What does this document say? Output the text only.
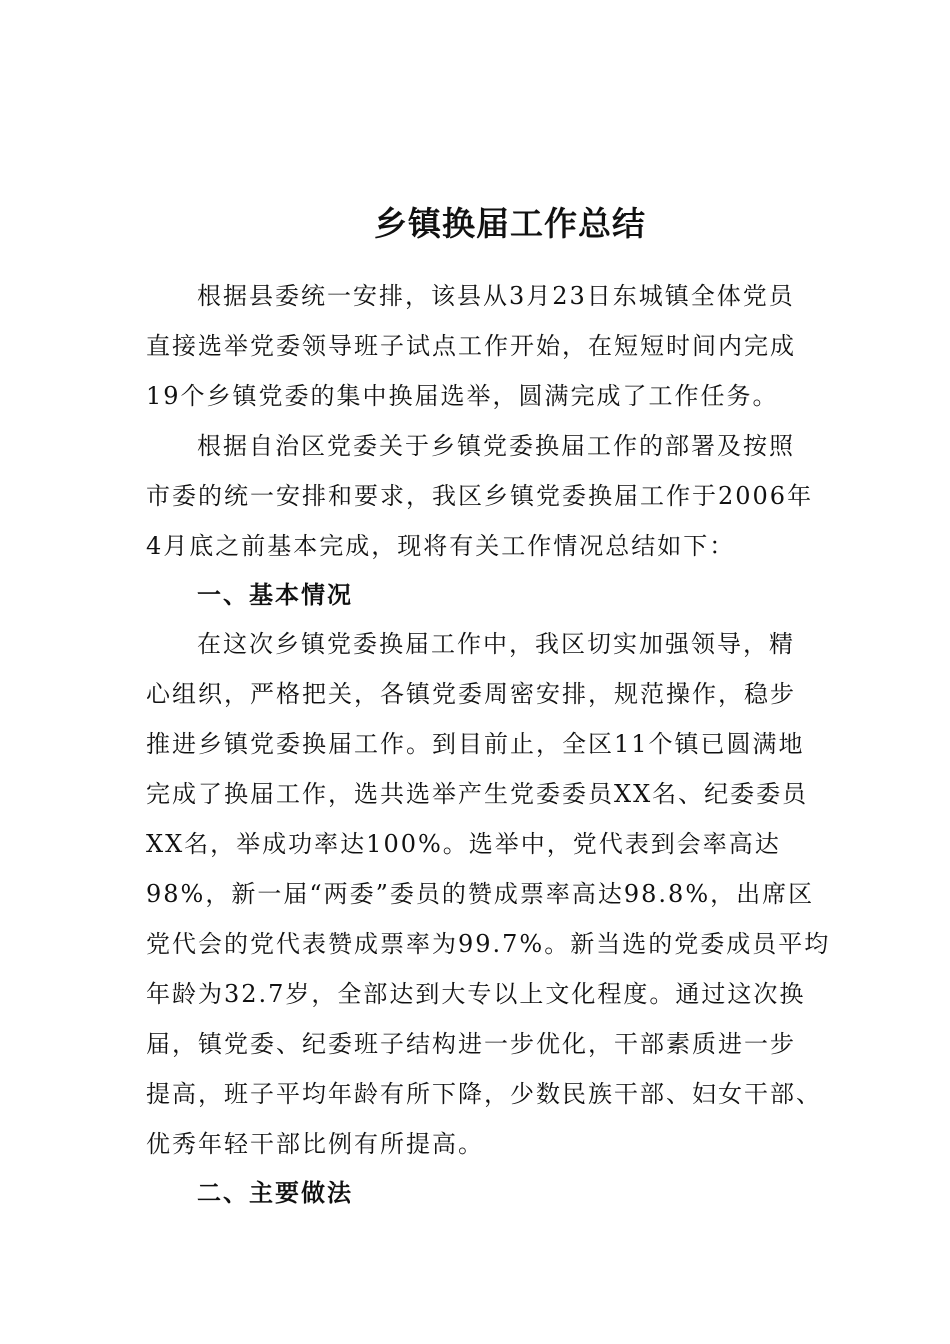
乡镇换届工作总结
根据县委统一安排，该县从3月23日东城镇全体党员
直接选举党委领导班子试点工作开始，在短短时间内完成
19个乡镇党委的集中换届选举，圆满完成了工作任务。
根据自治区党委关于乡镇党委换届工作的部署及按照
市委的统一安排和要求，我区乡镇党委换届工作于2006年
4月底之前基本完成，现将有关工作情况总结如下：
一、基本情况
在这次乡镇党委换届工作中，我区切实加强领导，精
心组织，严格把关，各镇党委周密安排，规范操作，稳步
推进乡镇党委换届工作。到目前止，全区11个镇已圆满地
完成了换届工作，选共选举产生党委委员XX名、纪委委员
XX名，举成功率达100%。选举中，党代表到会率高达
98%，新一届“两委”委员的赞成票率高达98.8%，出席区
党代会的党代表赞成票率为99.7%。新当选的党委成员平均
年龄为32.7岁，全部达到大专以上文化程度。通过这次换
届，镇党委、纪委班子结构进一步优化，干部素质进一步
提高，班子平均年龄有所下降，少数民族干部、妇女干部、
优秀年轻干部比例有所提高。
二、主要做法
